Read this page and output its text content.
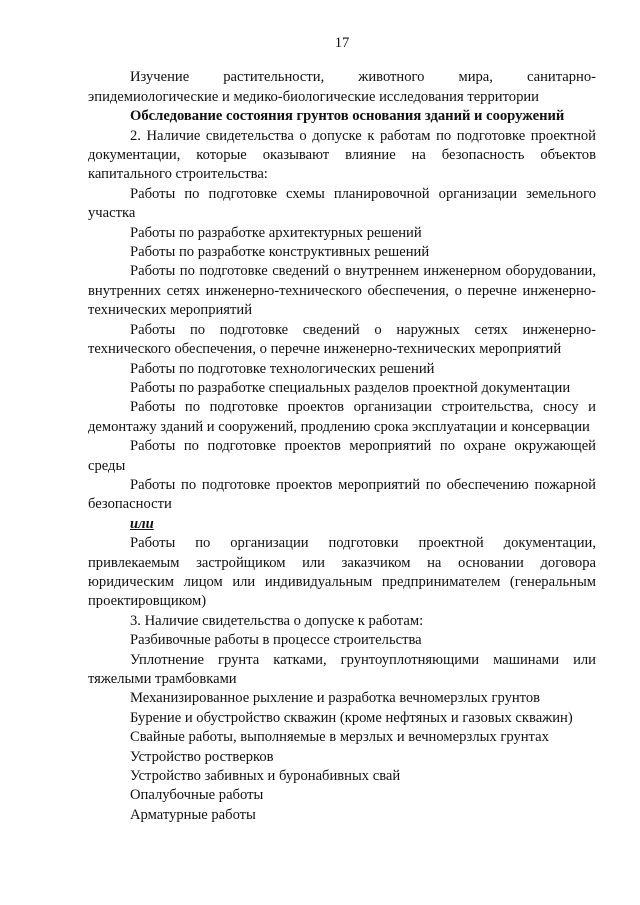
17

Изучение растительности, животного мира, санитарно-эпидемиологические и медико-биологические исследования территории

Обследование состояния грунтов основания зданий и сооружений

2. Наличие свидетельства о допуске к работам по подготовке проектной документации, которые оказывают влияние на безопасность объектов капитального строительства:

Работы по подготовке схемы планировочной организации земельного участка

Работы по разработке архитектурных решений

Работы по разработке конструктивных решений

Работы по подготовке сведений о внутреннем инженерном оборудовании, внутренних сетях инженерно-технического обеспечения, о перечне инженерно-технических мероприятий

Работы по подготовке сведений о наружных сетях инженерно-технического обеспечения, о перечне инженерно-технических мероприятий

Работы по подготовке технологических решений

Работы по разработке специальных разделов проектной документации

Работы по подготовке проектов организации строительства, сносу и демонтажу зданий и сооружений, продлению срока эксплуатации и консервации

Работы по подготовке проектов мероприятий по охране окружающей среды

Работы по подготовке проектов мероприятий по обеспечению пожарной безопасности

или

Работы по организации подготовки проектной документации, привлекаемым застройщиком или заказчиком на основании договора юридическим лицом или индивидуальным предпринимателем (генеральным проектировщиком)

3. Наличие свидетельства о допуске к работам:

Разбивочные работы в процессе строительства

Уплотнение грунта катками, грунтоуплотняющими машинами или тяжелыми трамбовками

Механизированное рыхление и разработка вечномерзлых грунтов

Бурение и обустройство скважин (кроме нефтяных и газовых скважин)

Свайные работы, выполняемые в мерзлых и вечномерзлых грунтах

Устройство ростверков

Устройство забивных и буронабивных свай

Опалубочные работы

Арматурные работы
